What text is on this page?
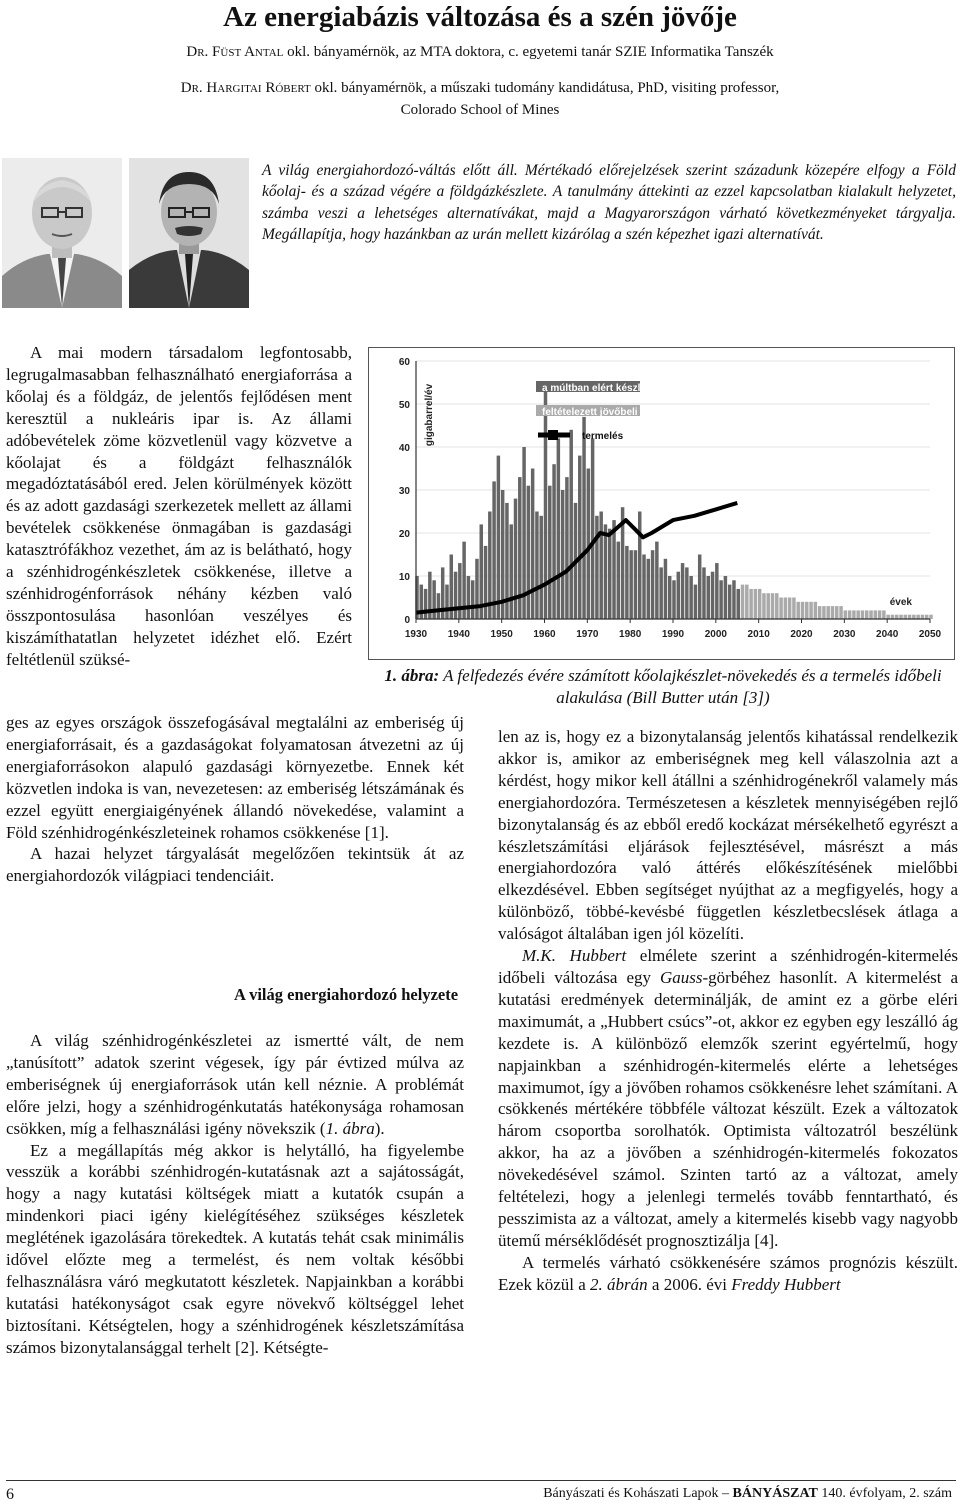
Az energiabázis változása és a szén jövője
Dr. Füst Antal okl. bányamérnök, az MTA doktora, c. egyetemi tanár SZIE Informatika Tanszék
Dr. Hargitai Róbert okl. bányamérnök, a műszaki tudomány kandidátusa, PhD, visiting professor,
Colorado School of Mines
A világ energiahordozó-váltás előtt áll. Mértékadó előrejelzések szerint századunk közepére elfogy a Föld kőolaj- és a század végére a földgázkészlete. A tanulmány áttekinti az ezzel kapcsolatban kialakult helyzetet, számba veszi a lehetséges alternatívákat, majd a Magyarországon várható következményeket tárgyalja. Megállapítja, hogy hazánkban az urán mellett kizárólag a szén képezhet igazi alternatívát.

A mai modern társadalom legfontosabb, legrugalmasabban felhasználható energiaforrása a kőolaj és a földgáz, de jelentős fejlődésen ment keresztül a nukleáris ipar is. Az állami adóbevételek zöme közvetlenül vagy közvetve a kőolajat és a földgázt felhasználók megadóztatásából ered. Jelen körülmények között és az adott gazdasági szerkezetek mellett az állami bevételek csökkenése önmagában is gazdasági katasztrófákhoz vezethet, ám az is belátható, hogy a szénhidrogénkészletek csökkenése, illetve a szénhidrogénforrások néhány kézben való összpontosulása hasonlóan veszélyes és kiszámíthatatlan helyzetet idézhet elő. Ezért feltétlenül szüksé-

0
10
20
30
40
50
60
1930 1940 1950 1960 1970 1980 1990 2000 2010 2020 2030 2040 2050
gigabarrel/év
évek
a múltban elért készletnövekedés
feltételezett jövőbeli készletnövekedés
termelés
1. ábra: A felfedezés évére számított kőolajkészlet-növekedés és a termelés időbeli alakulása (Bill Butter után [3])

ges az egyes országok összefogásával megtalálni az emberiség új energiaforrásait, és a gazdaságokat folyamatosan átvezetni az új energiaforrásokon alapuló gazdasági környezetbe. Ennek két közvetlen indoka is van, nevezetesen: az emberiség létszámának és ezzel együtt energiaigényének állandó növekedése, valamint a Föld szénhidrogénkészleteinek rohamos csökkenése [1].

A hazai helyzet tárgyalását megelőzően tekintsük át az energiahordozók világpiaci tendenciáit.

A világ energiahordozó helyzete

A világ szénhidrogénkészletei az ismertté vált, de nem „tanúsított” adatok szerint végesek, így pár évtized múlva az emberiségnek új energiaforrások után kell néznie. A problémát előre jelzi, hogy a szénhidrogénkutatás hatékonysága rohamosan csökken, míg a felhasználási igény növekszik (1. ábra).

Ez a megállapítás még akkor is helytálló, ha figyelembe vesszük a korábbi szénhidrogén-kutatásnak azt a sajátosságát, hogy a nagy kutatási költségek miatt a kutatók csupán a mindenkori piaci igény kielégítéséhez szükséges készletek meglétének igazolására törekedtek. A kutatás tehát csak minimális idővel előzte meg a termelést, és nem voltak későbbi felhasználásra váró megkutatott készletek. Napjainkban a korábbi kutatási hatékonyságot csak egyre növekvő költséggel lehet biztosítani. Kétségtelen, hogy a szénhidrogének készletszámítása számos bizonytalansággal terhelt [2]. Kétségte-

len az is, hogy ez a bizonytalanság jelentős kihatással rendelkezik akkor is, amikor az emberiségnek meg kell válaszolnia azt a kérdést, hogy mikor kell átállni a szénhidrogénekről valamely más energiahordozóra. Természetesen a készletek mennyiségében rejlő bizonytalanság és az ebből eredő kockázat mérsékelhető egyrészt a készletszámítási eljárások fejlesztésével, másrészt a más energiahordozóra való áttérés előkészítésének mielőbbi elkezdésével. Ebben segítséget nyújthat az a megfigyelés, hogy a különböző, többé-kevésbé független készletbecslések átlaga a valóságot általában igen jól közelíti.

M.K. Hubbert elmélete szerint a szénhidrogén-kitermelés időbeli változása egy Gauss-görbéhez hasonlít. A kitermelést a kutatási eredmények determinálják, de amint ez a görbe eléri maximumát, a „Hubbert csúcs”-ot, akkor ez egyben egy leszálló ág kezdete is. A különböző elemzők szerint egyértelmű, hogy napjainkban a szénhidrogén-kitermelés elérte a lehetséges maximumot, így a jövőben rohamos csökkenésre lehet számítani. A csökkenés mértékére többféle változat készült. Ezek a változatok három csoportba sorolhatók. Optimista változatról beszélünk akkor, ha az a jövőben a szénhidrogén-kitermelés fokozatos növekedésével számol. Szinten tartó az a változat, amely feltételezi, hogy a jelenlegi termelés tovább fenntartható, és pesszimista az a változat, amely a kitermelés kisebb vagy nagyobb ütemű mérséklődését prognosztizálja [4].

A termelés várható csökkenésére számos prognózis készült. Ezek közül a 2. ábrán a 2006. évi Freddy Hubbert

6	Bányászati és Kohászati Lapok – BÁNYÁSZAT 140. évfolyam, 2. szám
